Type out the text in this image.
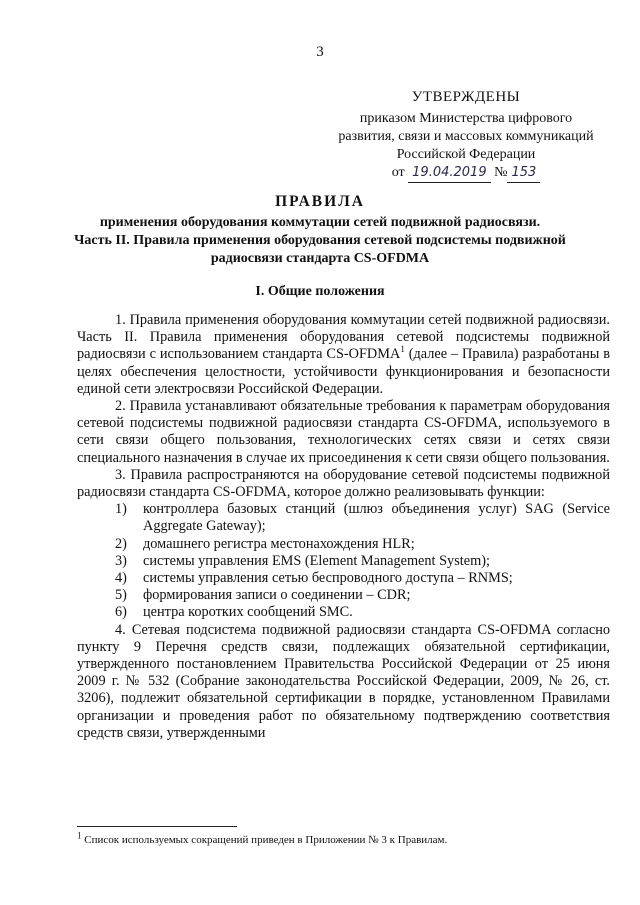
3
УТВЕРЖДЕНЫ
приказом Министерства цифрового
развития, связи и массовых коммуникаций
Российской Федерации
от 19.04.2019 № 153
ПРАВИЛА
применения оборудования коммутации сетей подвижной радиосвязи.
Часть II. Правила применения оборудования сетевой подсистемы подвижной
радиосвязи стандарта CS-OFDMA
I. Общие положения

1. Правила применения оборудования коммутации сетей подвижной радиосвязи. Часть II. Правила применения оборудования сетевой подсистемы подвижной радиосвязи с использованием стандарта CS-OFDMA$^1$ (далее – Правила) разработаны в целях обеспечения целостности, устойчивости функционирования и безопасности единой сети электросвязи Российской Федерации.

2. Правила устанавливают обязательные требования к параметрам оборудования сетевой подсистемы подвижной радиосвязи стандарта CS-OFDMA, используемого в сети связи общего пользования, технологических сетях связи и сетях связи специального назначения в случае их присоединения к сети связи общего пользования.

3. Правила распространяются на оборудование сетевой подсистемы подвижной радиосвязи стандарта CS-OFDMA, которое должно реализовывать функции:

1)	контроллера базовых станций (шлюз объединения услуг) SAG (Service Aggregate Gateway);
2)	домашнего регистра местонахождения HLR;
3)	системы управления EMS (Element Management System);
4)	системы управления сетью беспроводного доступа – RNMS;
5)	формирования записи о соединении – CDR;
6)	центра коротких сообщений SMC.

4. Сетевая подсистема подвижной радиосвязи стандарта CS-OFDMA согласно пункту 9 Перечня средств связи, подлежащих обязательной сертификации, утвержденного постановлением Правительства Российской Федерации от 25 июня 2009 г. № 532 (Собрание законодательства Российской Федерации, 2009, № 26, ст. 3206), подлежит обязательной сертификации в порядке, установленном Правилами организации и проведения работ по обязательному подтверждению соответствия средств связи, утвержденными

$^1$ Список используемых сокращений приведен в Приложении № 3 к Правилам.
